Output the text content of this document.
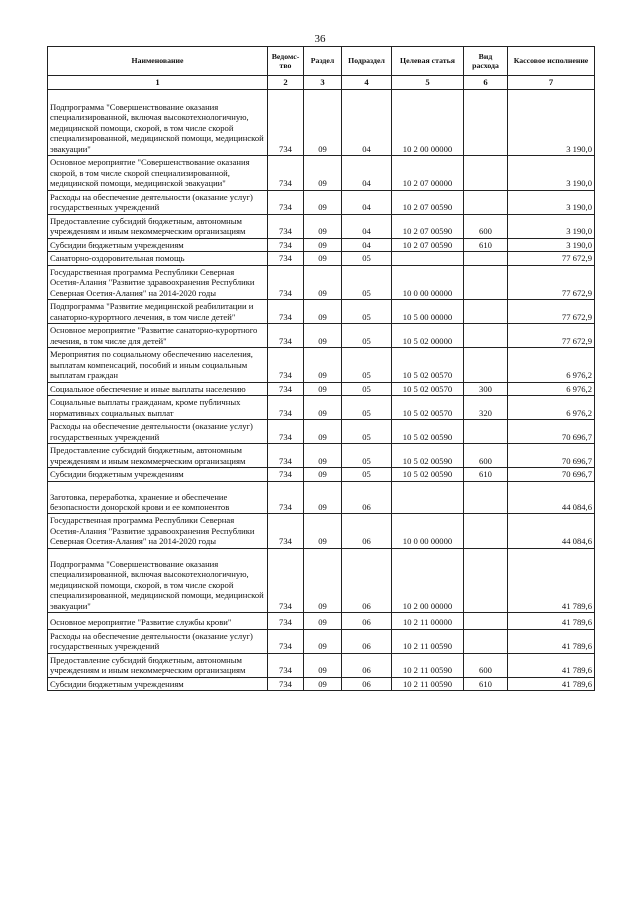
36
Наименование	Ведомс-тво	Раздел	Подраздел	Целевая статья	Вид расхода	Кассовое исполнение
1	2	3	4	5	6	7
Подпрограмма "Совершенствование оказания специализированной, включая высокотехнологичную, медицинской помощи, скорой, в том числе скорой специализированной, медицинской помощи, медицинской эвакуации"	734	09	04	10 2 00 00000		3 190,0
Основное мероприятие "Совершенствование оказания скорой, в том числе скорой специализированной, медицинской помощи, медицинской эвакуации"	734	09	04	10 2 07 00000		3 190,0
Расходы на обеспечение деятельности (оказание услуг) государственных учреждений	734	09	04	10 2 07 00590		3 190,0
Предоставление субсидий бюджетным, автономным учреждениям и иным некоммерческим организациям	734	09	04	10 2 07 00590	600	3 190,0
Субсидии бюджетным учреждениям	734	09	04	10 2 07 00590	610	3 190,0
Санаторно-оздоровительная помощь	734	09	05			77 672,9
Государственная программа Республики Северная Осетия-Алания "Развитие здравоохранения Республики Северная Осетия-Алания" на 2014-2020 годы	734	09	05	10 0 00 00000		77 672,9
Подпрограмма "Развитие медицинской реабилитации и санаторно-курортного лечения, в том числе детей"	734	09	05	10 5 00 00000		77 672,9
Основное мероприятие "Развитие санаторно-курортного лечения, в том числе для детей"	734	09	05	10 5 02 00000		77 672,9
Мероприятия по социальному обеспечению населения, выплатам компенсаций, пособий и иным социальным выплатам граждан	734	09	05	10 5 02 00570		6 976,2
Социальное обеспечение и иные выплаты населению	734	09	05	10 5 02 00570	300	6 976,2
Социальные выплаты гражданам, кроме публичных нормативных социальных выплат	734	09	05	10 5 02 00570	320	6 976,2
Расходы на обеспечение деятельности (оказание услуг) государственных учреждений	734	09	05	10 5 02 00590		70 696,7
Предоставление субсидий бюджетным, автономным учреждениям и иным некоммерческим организациям	734	09	05	10 5 02 00590	600	70 696,7
Субсидии бюджетным учреждениям	734	09	05	10 5 02 00590	610	70 696,7
Заготовка, переработка, хранение и обеспечение безопасности донорской крови и ее компонентов	734	09	06			44 084,6
Государственная программа Республики Северная Осетия-Алания "Развитие здравоохранения Республики Северная Осетия-Алания" на 2014-2020 годы	734	09	06	10 0 00 00000		44 084,6
Подпрограмма "Совершенствование оказания специализированной, включая высокотехнологичную, медицинской помощи, скорой, в том числе скорой специализированной, медицинской помощи, медицинской эвакуации"	734	09	06	10 2 00 00000		41 789,6
Основное мероприятие "Развитие службы крови"	734	09	06	10 2 11 00000		41 789,6
Расходы на обеспечение деятельности (оказание услуг) государственных учреждений	734	09	06	10 2 11 00590		41 789,6
Предоставление субсидий бюджетным, автономным учреждениям и иным некоммерческим организациям	734	09	06	10 2 11 00590	600	41 789,6
Субсидии бюджетным учреждениям	734	09	06	10 2 11 00590	610	41 789,6
